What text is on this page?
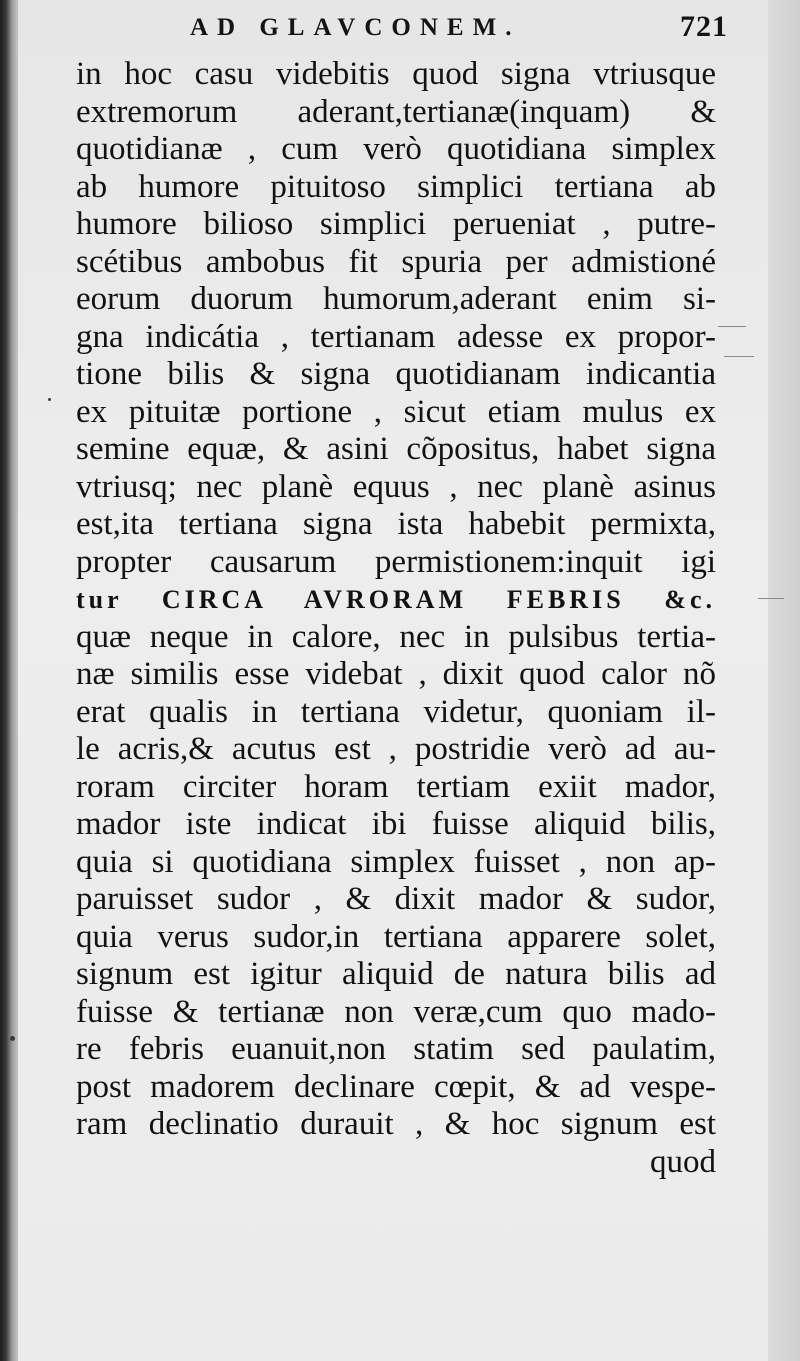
AD GLAVCONEM.	721
in hoc casu videbitis quod signa vtriusque
extremorum aderant,tertianæ(inquam) &
quotidianæ , cum verò quotidiana simplex
ab humore pituitoso simplici tertiana ab
humore bilioso simplici perueniat , putre-
scétibus ambobus fit spuria per admistioné
eorum duorum humorum,aderant enim si-
gna indicátia , tertianam adesse ex propor-
tione bilis & signa quotidianam indicantia
ex pituitæ portione , sicut etiam mulus ex
semine equæ, & asini cõpositus, habet signa
vtriusq; nec planè equus , nec planè asinus
est,ita tertiana signa ista habebit permixta,
propter causarum permistionem:inquit igi
tur CIRCA AVRORAM FEBRIS &c.
quæ neque in calore, nec in pulsibus tertia-
næ similis esse videbat , dixit quod calor nõ
erat qualis in tertiana videtur, quoniam il-
le acris,& acutus est , postridie verò ad au-
roram circiter horam tertiam exiit mador,
mador iste indicat ibi fuisse aliquid bilis,
quia si quotidiana simplex fuisset , non ap-
paruisset sudor , & dixit mador & sudor,
quia verus sudor,in tertiana apparere solet,
signum est igitur aliquid de natura bilis ad
fuisse & tertianæ non veræ,cum quo mado-
re febris euanuit,non statim sed paulatim,
post madorem declinare cœpit, & ad vespe-
ram declinatio durauit , & hoc signum est
quod
